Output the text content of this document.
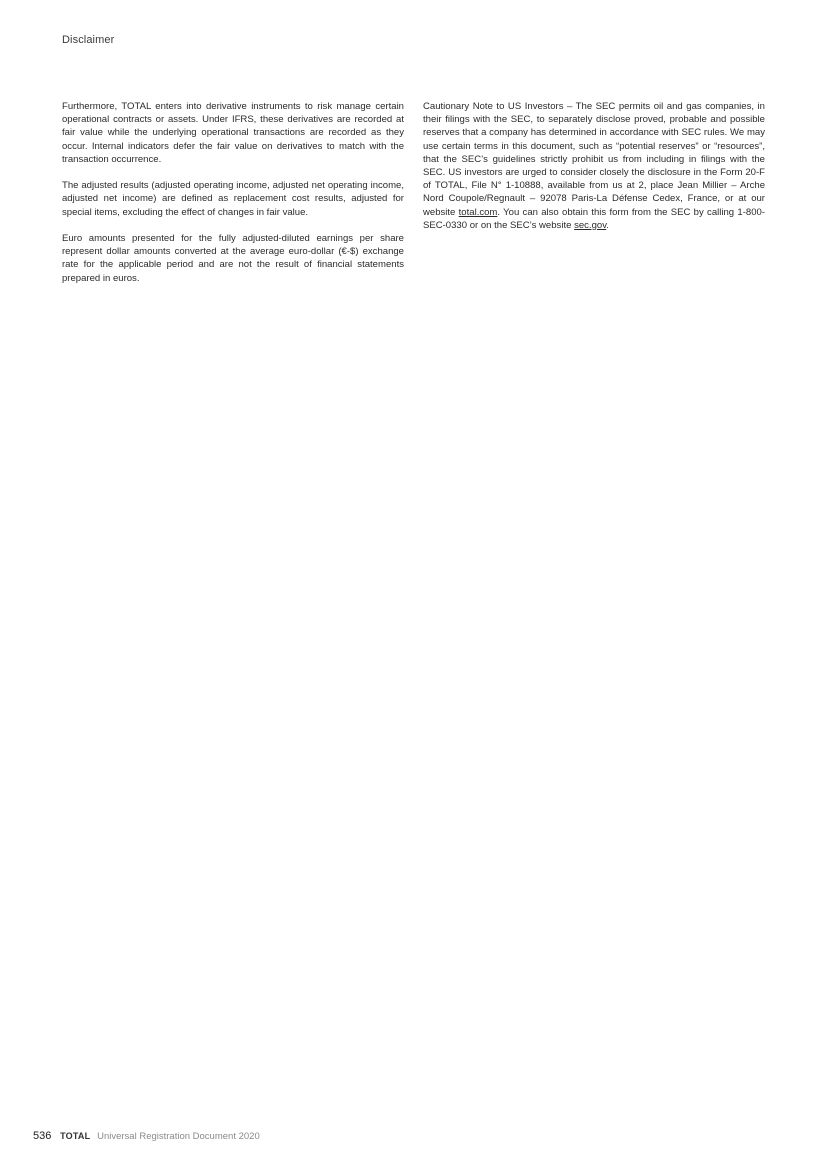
Disclaimer

Furthermore, TOTAL enters into derivative instruments to risk manage certain operational contracts or assets. Under IFRS, these derivatives are recorded at fair value while the underlying operational transactions are recorded as they occur. Internal indicators defer the fair value on derivatives to match with the transaction occurrence.

The adjusted results (adjusted operating income, adjusted net operating income, adjusted net income) are defined as replacement cost results, adjusted for special items, excluding the effect of changes in fair value.

Euro amounts presented for the fully adjusted-diluted earnings per share represent dollar amounts converted at the average euro-dollar (€-$) exchange rate for the applicable period and are not the result of financial statements prepared in euros.

Cautionary Note to US Investors – The SEC permits oil and gas companies, in their filings with the SEC, to separately disclose proved, probable and possible reserves that a company has determined in accordance with SEC rules. We may use certain terms in this document, such as “potential reserves” or “resources”, that the SEC’s guidelines strictly prohibit us from including in filings with the SEC. US investors are urged to consider closely the disclosure in the Form 20-F of TOTAL, File N° 1-10888, available from us at 2, place Jean Millier – Arche Nord Coupole/Regnault – 92078 Paris-La Défense Cedex, France, or at our website total.com. You can also obtain this form from the SEC by calling 1-800-SEC-0330 or on the SEC’s website sec.gov.

536 TOTAL Universal Registration Document 2020
